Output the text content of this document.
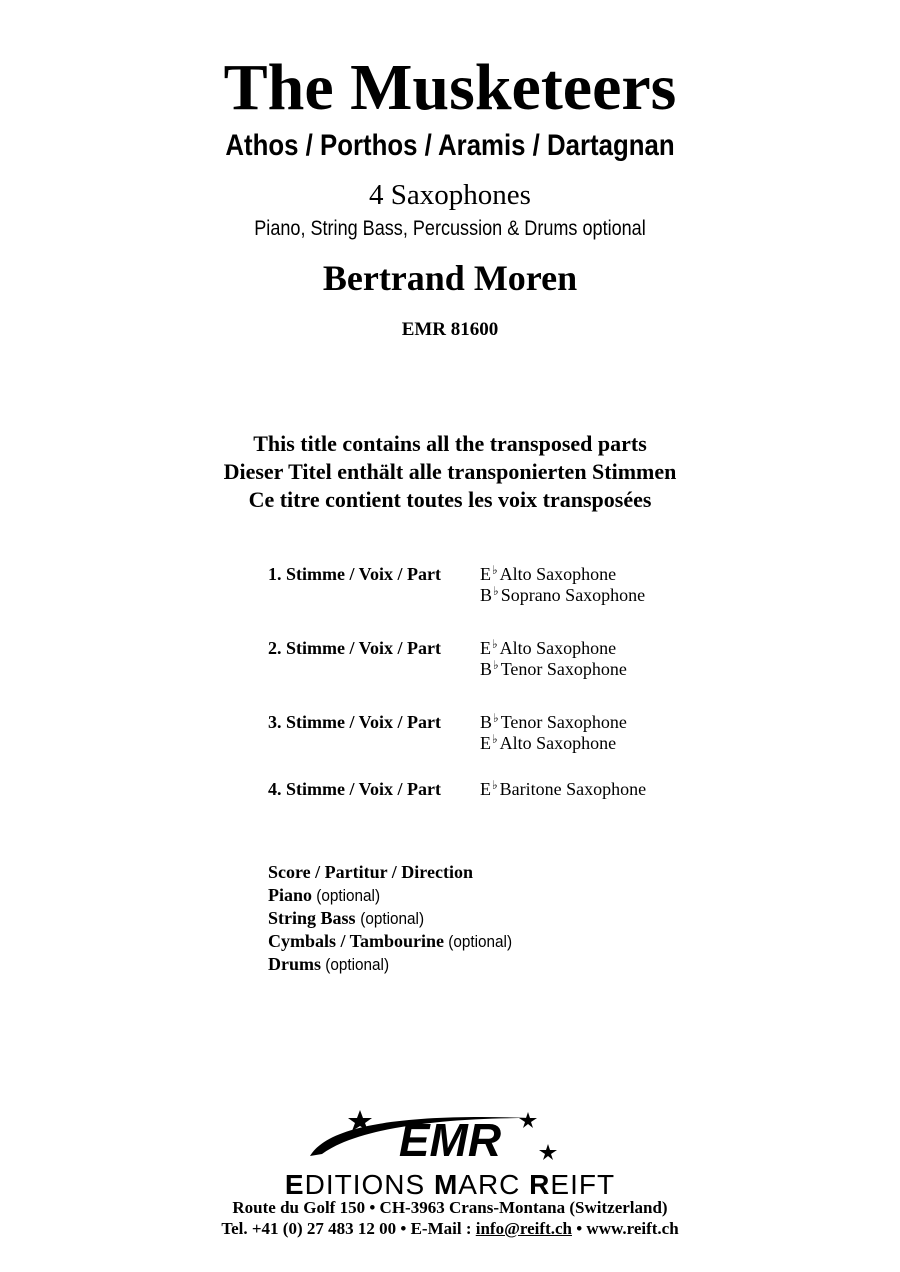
The Musketeers
Athos / Porthos / Aramis / Dartagnan
4 Saxophones
Piano, String Bass, Percussion & Drums optional
Bertrand Moren
EMR 81600
This title contains all the transposed parts
Dieser Titel enthält alle transponierten Stimmen
Ce titre contient toutes les voix transposées
1. Stimme / Voix / Part	E♭ Alto Saxophone
B♭ Soprano Saxophone
2. Stimme / Voix / Part	E♭ Alto Saxophone
B♭ Tenor Saxophone
3. Stimme / Voix / Part	B♭ Tenor Saxophone
E♭ Alto Saxophone
4. Stimme / Voix / Part	E♭ Baritone Saxophone
Score / Partitur / Direction
Piano (optional)
String Bass (optional)
Cymbals / Tambourine (optional)
Drums (optional)
EMR
EDITIONS MARC REIFT
Route du Golf 150 • CH-3963 Crans-Montana (Switzerland)
Tel. +41 (0) 27 483 12 00 • E-Mail : info@reift.ch • www.reift.ch
